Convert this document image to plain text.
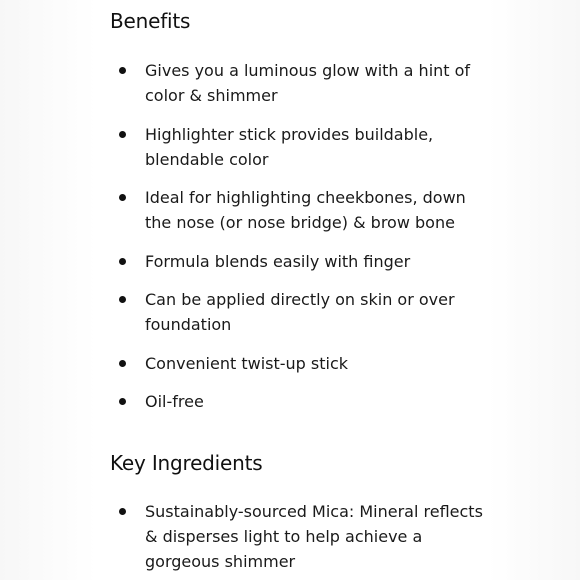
Benefits
Gives you a luminous glow with a hint of color & shimmer
Highlighter stick provides buildable, blendable color
Ideal for highlighting cheekbones, down the nose (or nose bridge) & brow bone
Formula blends easily with finger
Can be applied directly on skin or over foundation
Convenient twist-up stick
Oil-free
Key Ingredients
Sustainably-sourced Mica: Mineral reflects & disperses light to help achieve a gorgeous shimmer
